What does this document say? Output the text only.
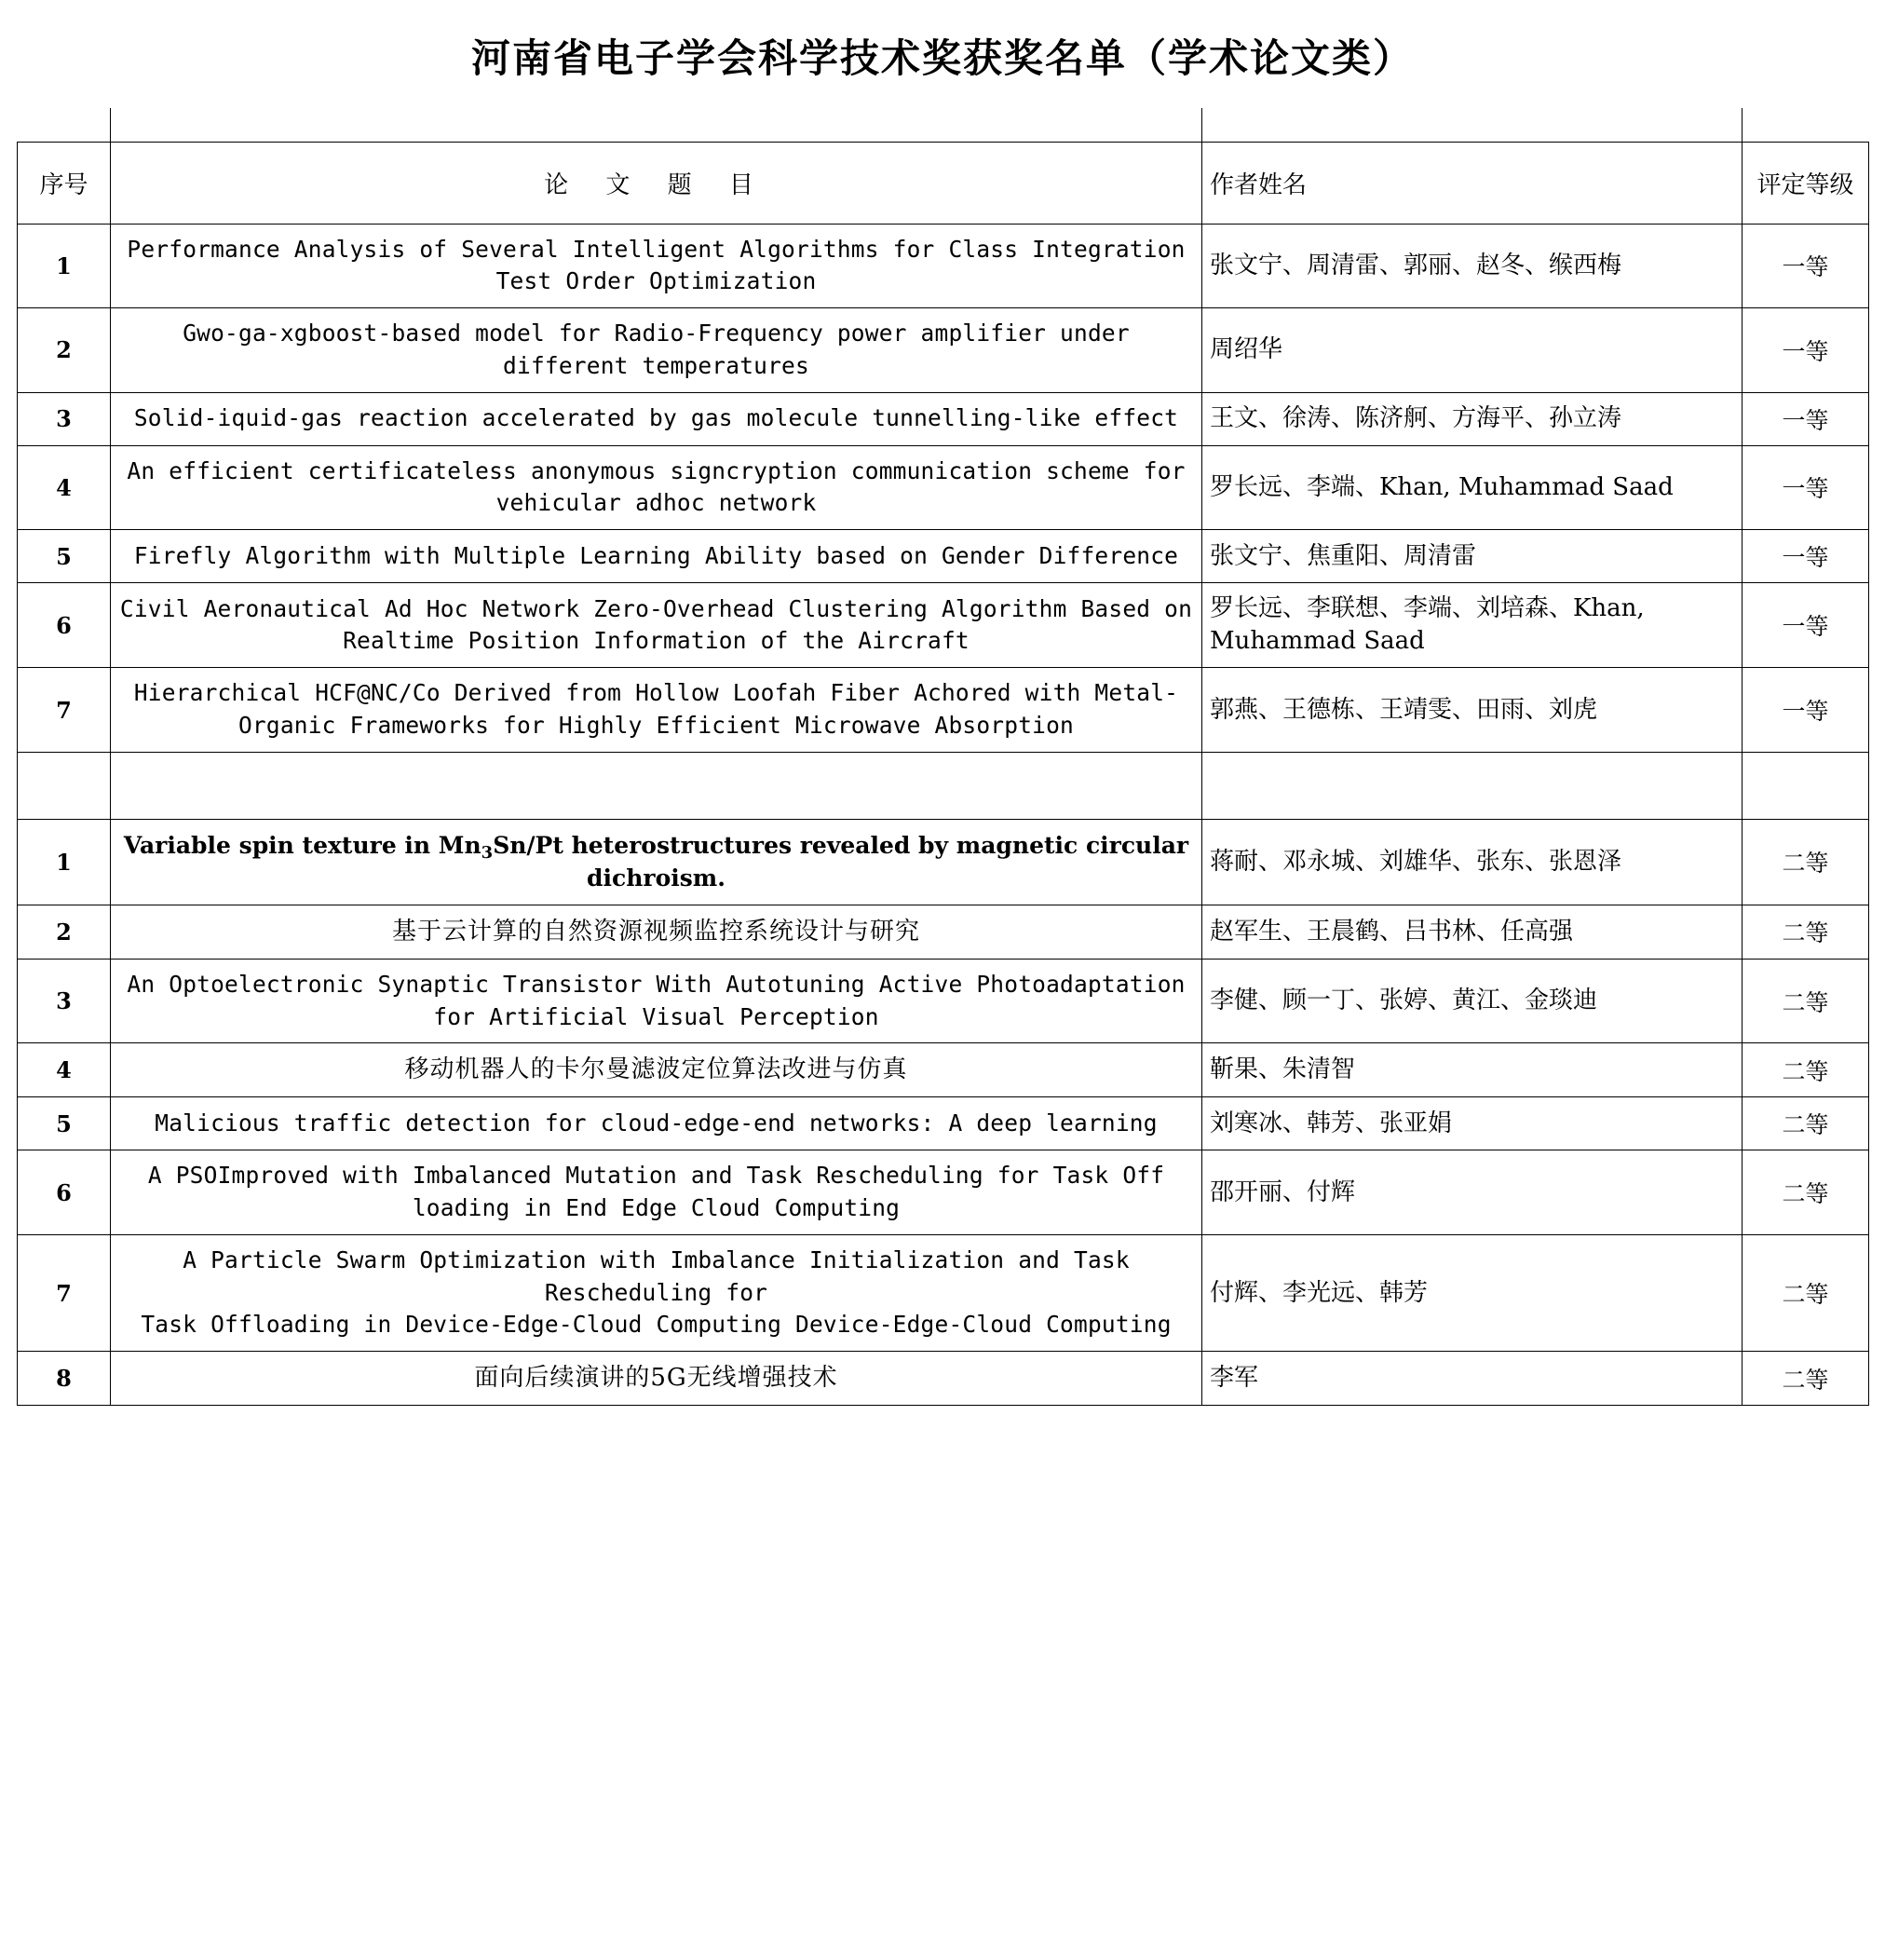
河南省电子学会科学技术奖获奖名单（学术论文类）

序号	论 文 题 目	作者姓名	评定等级
1	Performance Analysis of Several Intelligent Algorithms for Class Integration Test Order Optimization	张文宁、周清雷、郭丽、赵冬、缑西梅	一等
2	Gwo-ga-xgboost-based model for Radio-Frequency power amplifier under different temperatures	周绍华	一等
3	Solid-iquid-gas reaction accelerated by gas molecule tunnelling-like effect	王文、徐涛、陈济舸、方海平、孙立涛	一等
4	An efficient certificateless anonymous signcryption communication scheme for vehicular adhoc network	罗长远、李端、Khan, Muhammad Saad	一等
5	Firefly Algorithm with Multiple Learning Ability based on Gender Difference	张文宁、焦重阳、周清雷	一等
6	Civil Aeronautical Ad Hoc Network Zero-Overhead Clustering Algorithm Based on Realtime Position Information of the Aircraft	罗长远、李联想、李端、刘培森、Khan, Muhammad Saad	一等
7	Hierarchical HCF@NC/Co Derived from Hollow Loofah Fiber Achored with Metal-Organic Frameworks for Highly Efficient Microwave Absorption	郭燕、王德栋、王靖雯、田雨、刘虎	一等

1	Variable spin texture in $Mn_3Sn/Pt$ heterostructures revealed by magnetic circular dichroism.	蒋耐、邓永城、刘雄华、张东、张恩泽	二等
2	基于云计算的自然资源视频监控系统设计与研究	赵军生、王晨鹤、吕书林、任高强	二等
3	An Optoelectronic Synaptic Transistor With Autotuning Active Photoadaptation for Artificial Visual Perception	李健、顾一丁、张婷、黄江、金琰迪	二等
4	移动机器人的卡尔曼滤波定位算法改进与仿真	靳果、朱清智	二等
5	Malicious traffic detection for cloud-edge-end networks: A deep learning	刘寒冰、韩芳、张亚娟	二等
6	A PSOImproved with Imbalanced Mutation and Task Rescheduling for Task Off loading in End Edge Cloud Computing	邵开丽、付辉	二等
7	A Particle Swarm Optimization with Imbalance Initialization and Task Rescheduling for
Task Offloading in Device-Edge-Cloud Computing Device-Edge-Cloud Computing	付辉、李光远、韩芳	二等
8	面向后续演讲的5G无线增强技术	李军	二等
